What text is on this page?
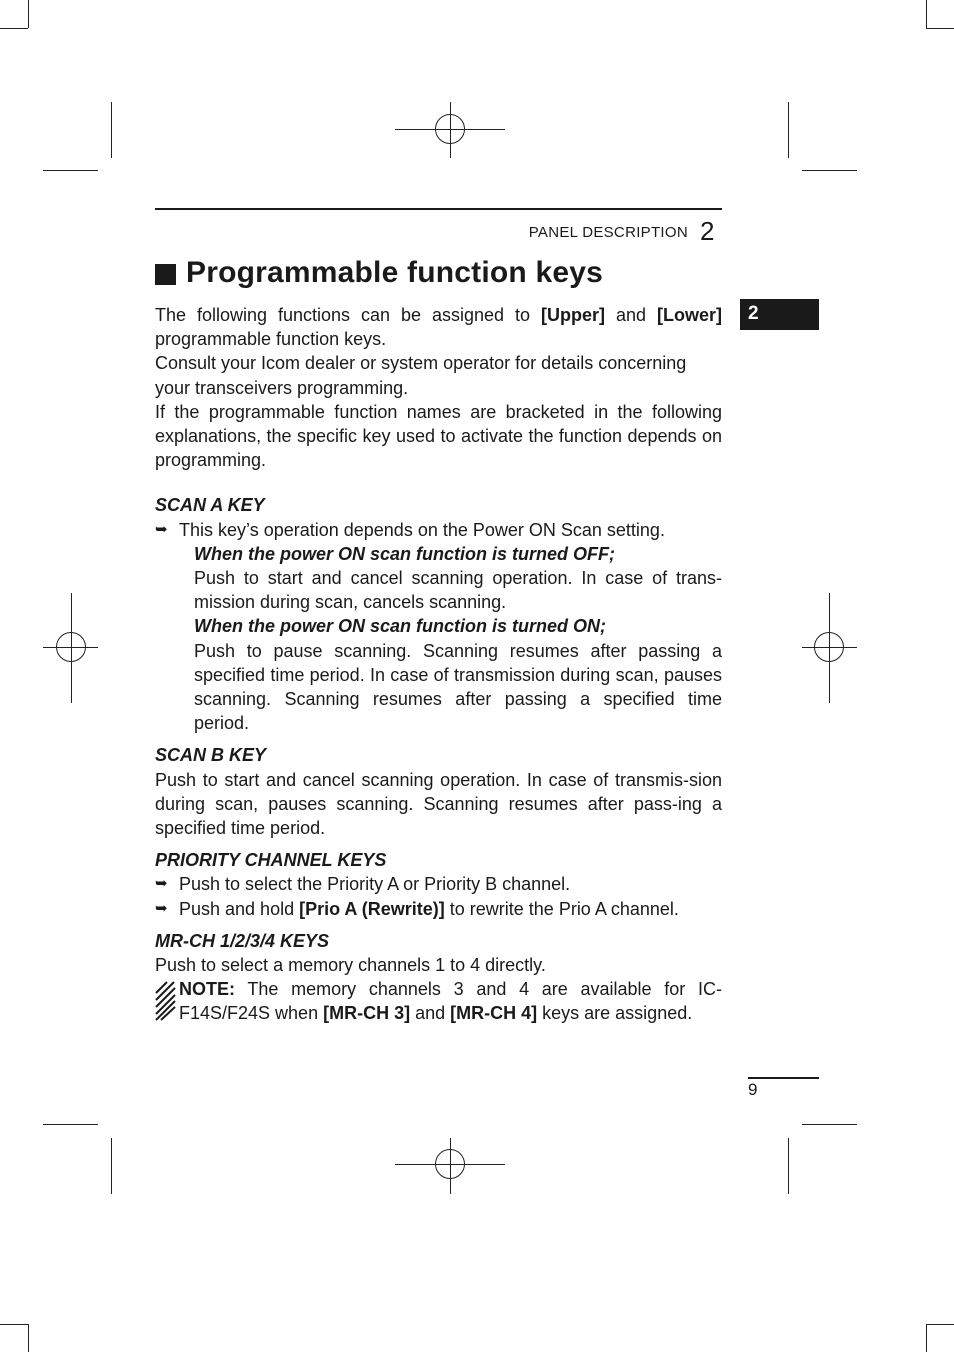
PANEL DESCRIPTION 2
2
Programmable function keys

The following functions can be assigned to [Upper] and [Lower] programmable function keys.

Consult your Icom dealer or system operator for details concerning your transceivers programming.

If the programmable function names are bracketed in the following explanations, the specific key used to activate the function depends on programming.

SCAN A KEY

➥ This key’s operation depends on the Power ON Scan setting.

When the power ON scan function is turned OFF;

Push to start and cancel scanning operation. In case of trans-mission during scan, cancels scanning.

When the power ON scan function is turned ON;

Push to pause scanning. Scanning resumes after passing a specified time period. In case of transmission during scan, pauses scanning. Scanning resumes after passing a specified time period.

SCAN B KEY

Push to start and cancel scanning operation. In case of transmis-sion during scan, pauses scanning. Scanning resumes after pass-ing a specified time period.

PRIORITY CHANNEL KEYS

➥ Push to select the Priority A or Priority B channel.
➥ Push and hold [Prio A (Rewrite)] to rewrite the Prio A channel.

MR-CH 1/2/3/4 KEYS

Push to select a memory channels 1 to 4 directly.

NOTE: The memory channels 3 and 4 are available for IC-F14S/F24S when [MR-CH 3] and [MR-CH 4] keys are assigned.
9
